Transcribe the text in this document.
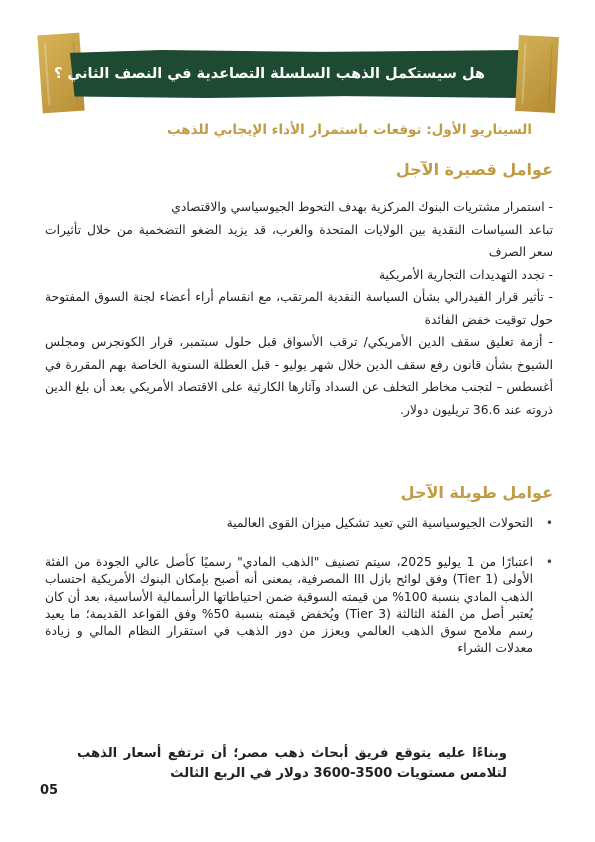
هل سيستكمل الذهب السلسلة التصاعدية في النصف الثاني ؟
السيناريو الأول: توقعات باستمرار الأداء الإيجابي للذهب
عوامل قصيرة الآجل

- استمرار مشتريات البنوك المركزية بهدف التحوط الجيوسياسي والاقتصادي

تباعد السياسات النقدية بين الولايات المتحدة والغرب، قد يزيد الضغو التضخمية من خلال تأثيرات سعر الصرف

- تجدد التهديدات التجارية الأمريكية

- تأثير قرار الفيدرالي بشأن السياسة النقدية المرتقب، مع انقسام أراء أعضاء لجنة السوق المفتوحة حول توقيت خفض الفائدة

- أزمة تعليق سقف الدين الأمريكي/ ترقب الأسواق قبل حلول سبتمبر، قرار الكونجرس ومجلس الشيوخ بشأن قانون رفع سقف الدين خلال شهر يوليو - قبل العطلة السنوية الخاصة بهم المقررة في أغسطس – لتجنب مخاطر التخلف عن السداد وآثارها الكارثية على الاقتصاد الأمريكي بعد أن بلغ الدين ذروته عند 36.6 تريليون دولار.

عوامل طويلة الآجل
•
التحولات الجيوسياسية التي تعيد تشكيل ميزان القوى العالمية
•
اعتبارًا من 1 يوليو 2025، سيتم تصنيف "الذهب المادي" رسميًا كأصل عالي الجودة من الفئة الأولى (Tier 1) وفق لوائح بازل III المصرفية، بمعنى أنه أصبح بإمكان البنوك الأمريكية احتساب الذهب المادي بنسبة 100% من قيمته السوقية ضمن احتياطاتها الرأسمالية الأساسية، بعد أن كان يُعتبر أصل من الفئة الثالثة (Tier 3) ويُخفض قيمته بنسبة 50% وفق القواعد القديمة؛ ما يعيد رسم ملامح سوق الذهب العالمي ويعزز من دور الذهب في استقرار النظام المالي و زيادة معدلات الشراء
وبناءًا عليه يتوقع فريق أبحاث ذهب مصر؛ أن ترتفع أسعار الذهب لتلامس مستويات 3500-3600 دولار في الربع الثالث
05
